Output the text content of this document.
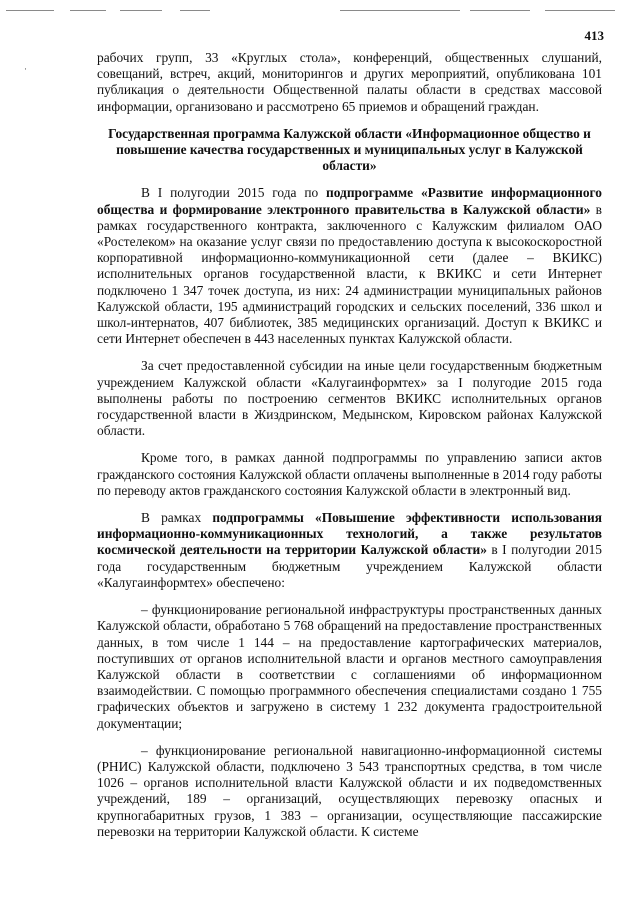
·
413

рабочих групп, 33 «Круглых стола», конференций, общественных слушаний, совещаний, встреч, акций, мониторингов и других мероприятий, опубликована 101 публикация о деятельности Общественной палаты области в средствах массовой информации, организовано и рассмотрено 65 приемов и обращений граждан.

Государственная программа Калужской области «Информационное общество и повышение качества государственных и муниципальных услуг в Калужской области»

В I полугодии 2015 года по подпрограмме «Развитие информационного общества и формирование электронного правительства в Калужской области» в рамках государственного контракта, заключенного с Калужским филиалом ОАО «Ростелеком» на оказание услуг связи по предоставлению доступа к высокоскоростной корпоративной информационно-коммуникационной сети (далее – ВКИКС) исполнительных органов государственной власти, к ВКИКС и сети Интернет подключено 1 347 точек доступа, из них: 24 администрации муниципальных районов Калужской области, 195 администраций городских и сельских поселений, 336 школ и школ-интернатов, 407 библиотек, 385 медицинских организаций. Доступ к ВКИКС и сети Интернет обеспечен в 443 населенных пунктах Калужской области.

За счет предоставленной субсидии на иные цели государственным бюджетным учреждением Калужской области «Калугаинформтех» за I полугодие 2015 года выполнены работы по построению сегментов ВКИКС исполнительных органов государственной власти в Жиздринском, Медынском, Кировском районах Калужской области.

Кроме того, в рамках данной подпрограммы по управлению записи актов гражданского состояния Калужской области оплачены выполненные в 2014 году работы по переводу актов гражданского состояния Калужской области в электронный вид.

В рамках подпрограммы «Повышение эффективности использования информационно-коммуникационных технологий, а также результатов космической деятельности на территории Калужской области» в I полугодии 2015 года государственным бюджетным учреждением Калужской области «Калугаинформтех» обеспечено:

– функционирование региональной инфраструктуры пространственных данных Калужской области, обработано 5 768 обращений на предоставление пространственных данных, в том числе 1 144 – на предоставление картографических материалов, поступивших от органов исполнительной власти и органов местного самоуправления Калужской области в соответствии с соглашениями об информационном взаимодействии. С помощью программного обеспечения специалистами создано 1 755 графических объектов и загружено в систему 1 232 документа градостроительной документации;

– функционирование региональной навигационно-информационной системы (РНИС) Калужской области, подключено 3 543 транспортных средства, в том числе 1026 – органов исполнительной власти Калужской области и их подведомственных учреждений, 189 – организаций, осуществляющих перевозку опасных и крупногабаритных грузов, 1 383 – организации, осуществляющие пассажирские перевозки на территории Калужской области. К системе
